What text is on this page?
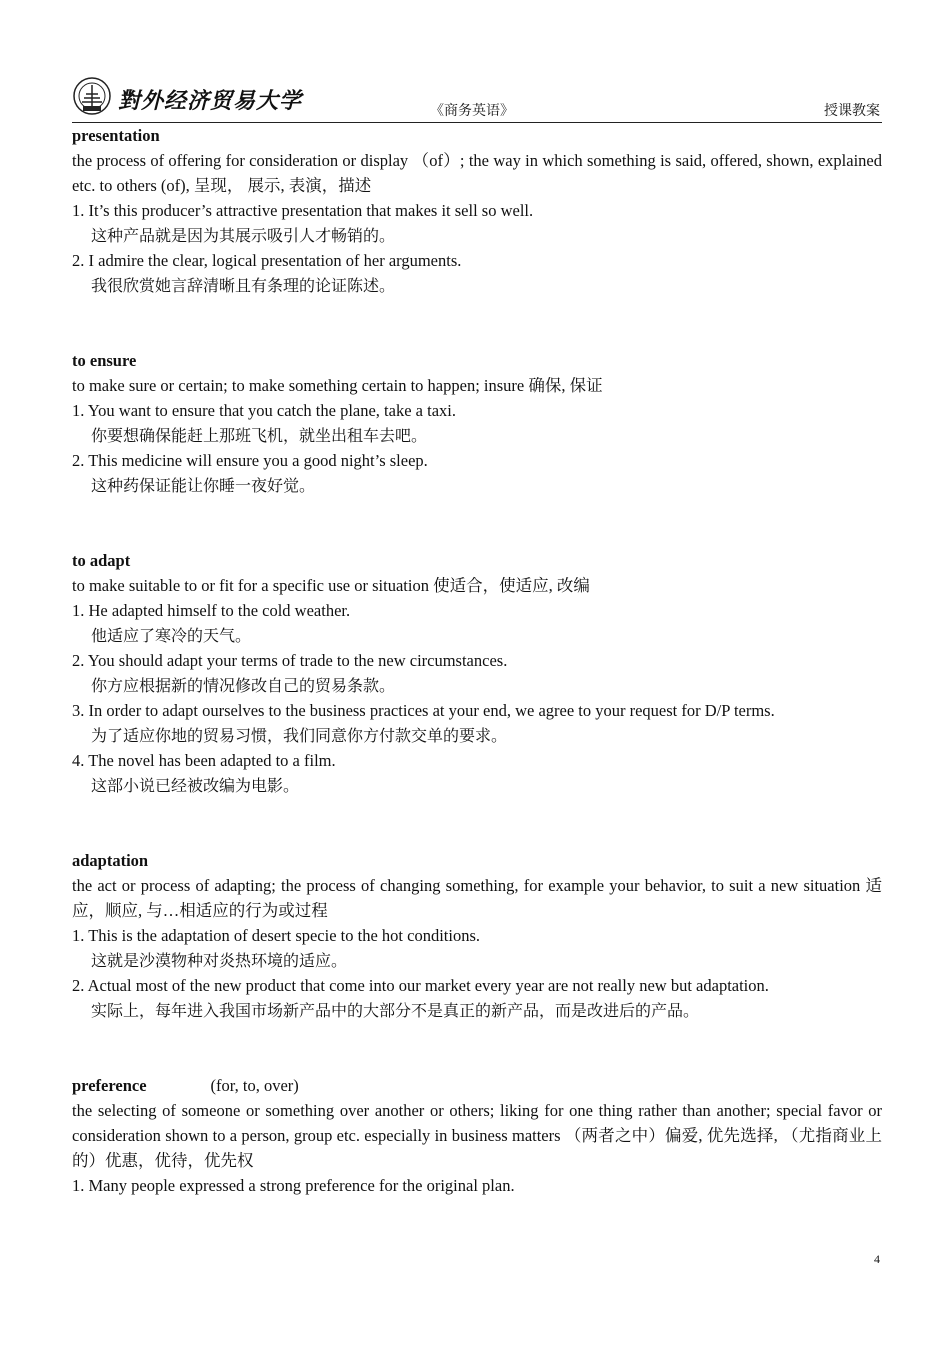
對外经济贸易大学	《商务英语》	授课教案
presentation

the process of offering for consideration or display （of）; the way in which something is said, offered, shown, explained etc. to others (of), 呈现， 展示, 表演，描述

1. It’s this producer’s attractive presentation that makes it sell so well.

这种产品就是因为其展示吸引人才畅销的。

2. I admire the clear, logical presentation of her arguments.

我很欣赏她言辞清晰且有条理的论证陈述。

to ensure

to make sure or certain; to make something certain to happen; insure 确保, 保证

1. You want to ensure that you catch the plane, take a taxi.

你要想确保能赶上那班飞机，就坐出租车去吧。

2. This medicine will ensure you a good night’s sleep.

这种药保证能让你睡一夜好觉。

to adapt

to make suitable to or fit for a specific use or situation 使适合，使适应, 改编

1. He adapted himself to the cold weather.

他适应了寒冷的天气。

2. You should adapt your terms of trade to the new circumstances.

你方应根据新的情况修改自己的贸易条款。

3. In order to adapt ourselves to the business practices at your end, we agree to your request for D/P terms.

为了适应你地的贸易习惯，我们同意你方付款交单的要求。

4. The novel has been adapted to a film.

这部小说已经被改编为电影。

adaptation

the act or process of adapting; the process of changing something, for example your behavior, to suit a new situation 适应，顺应, 与…相适应的行为或过程

1. This is the adaptation of desert specie to the hot conditions.

这就是沙漠物种对炎热环境的适应。

2. Actual most of the new product that come into our market every year are not really new but adaptation.

实际上，每年进入我国市场新产品中的大部分不是真正的新产品，而是改进后的产品。

preference	(for, to, over)

the selecting of someone or something over another or others; liking for one thing rather than another; special favor or consideration shown to a person, group etc. especially in business matters （两者之中）偏爱, 优先选择, （尤指商业上的）优惠，优待，优先权

1. Many people expressed a strong preference for the original plan.

4
